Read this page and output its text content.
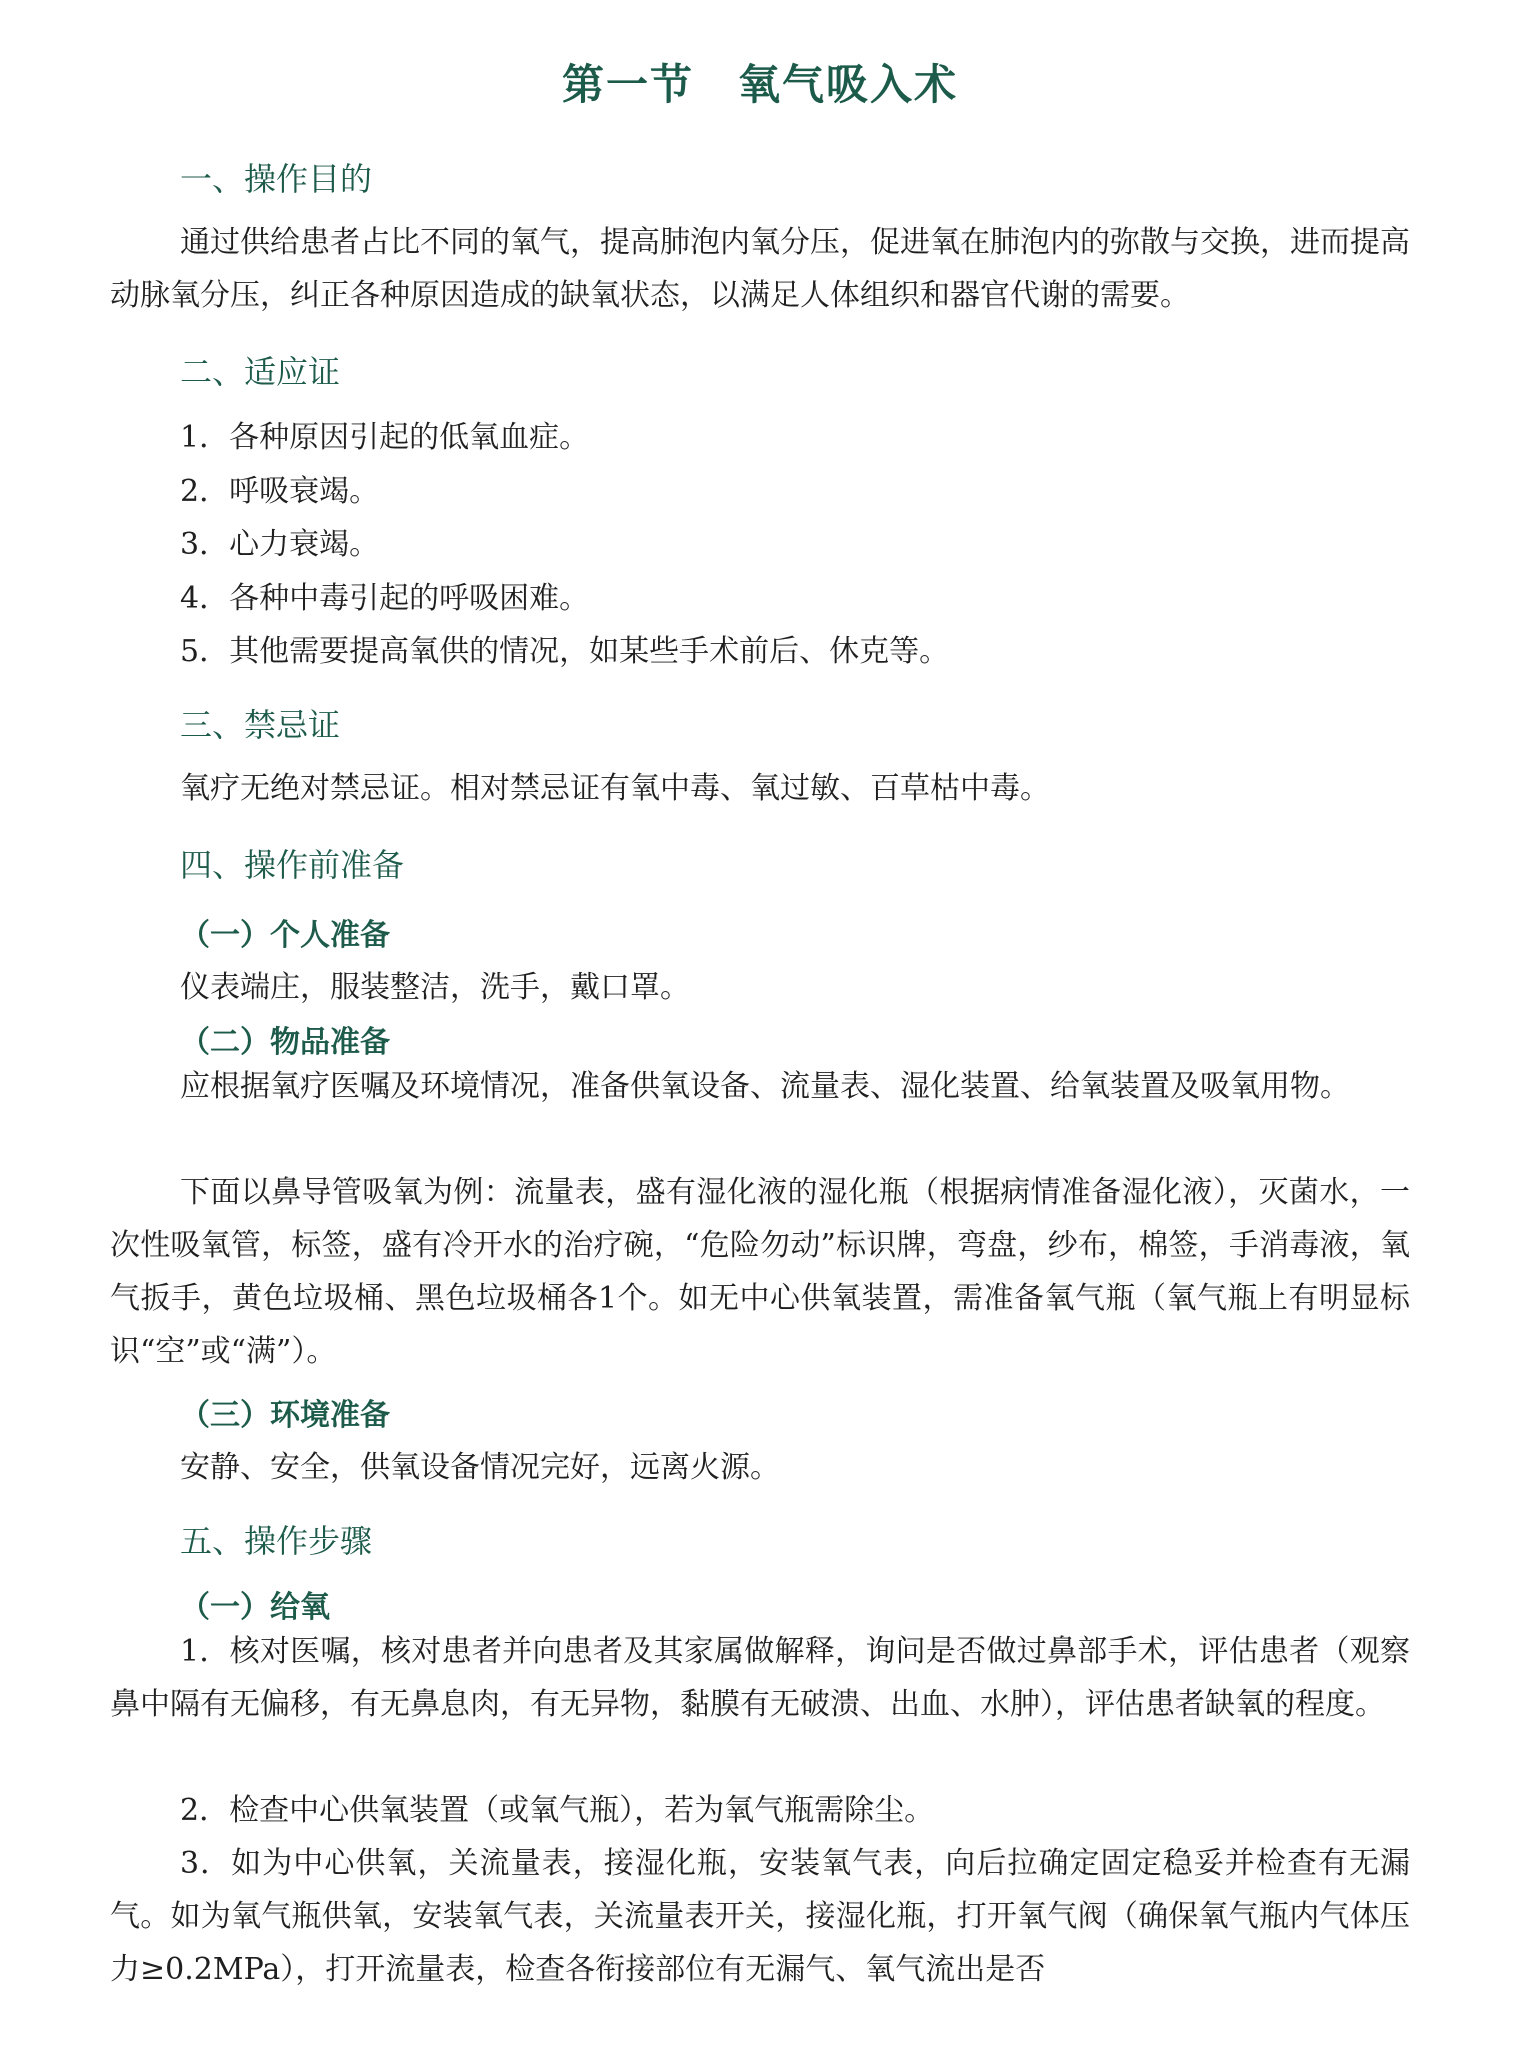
第一节　氧气吸入术
一、操作目的
通过供给患者占比不同的氧气，提高肺泡内氧分压，促进氧在肺泡内的弥散与交换，进而提高动脉氧分压，纠正各种原因造成的缺氧状态，以满足人体组织和器官代谢的需要。
二、适应证
1．各种原因引起的低氧血症。
2．呼吸衰竭。
3．心力衰竭。
4．各种中毒引起的呼吸困难。
5．其他需要提高氧供的情况，如某些手术前后、休克等。
三、禁忌证
氧疗无绝对禁忌证。相对禁忌证有氧中毒、氧过敏、百草枯中毒。
四、操作前准备
（一）个人准备
仪表端庄，服装整洁，洗手，戴口罩。
（二）物品准备
应根据氧疗医嘱及环境情况，准备供氧设备、流量表、湿化装置、给氧装置及吸氧用物。
下面以鼻导管吸氧为例：流量表，盛有湿化液的湿化瓶（根据病情准备湿化液），灭菌水，一次性吸氧管，标签，盛有冷开水的治疗碗，“危险勿动”标识牌，弯盘，纱布，棉签，手消毒液，氧气扳手，黄色垃圾桶、黑色垃圾桶各1个。如无中心供氧装置，需准备氧气瓶（氧气瓶上有明显标识“空”或“满”）。
（三）环境准备
安静、安全，供氧设备情况完好，远离火源。
五、操作步骤
（一）给氧
1．核对医嘱，核对患者并向患者及其家属做解释，询问是否做过鼻部手术，评估患者（观察鼻中隔有无偏移，有无鼻息肉，有无异物，黏膜有无破溃、出血、水肿），评估患者缺氧的程度。
2．检查中心供氧装置（或氧气瓶），若为氧气瓶需除尘。
3．如为中心供氧，关流量表，接湿化瓶，安装氧气表，向后拉确定固定稳妥并检查有无漏气。如为氧气瓶供氧，安装氧气表，关流量表开关，接湿化瓶，打开氧气阀（确保氧气瓶内气体压力≥0.2MPa），打开流量表，检查各衔接部位有无漏气、氧气流出是否
